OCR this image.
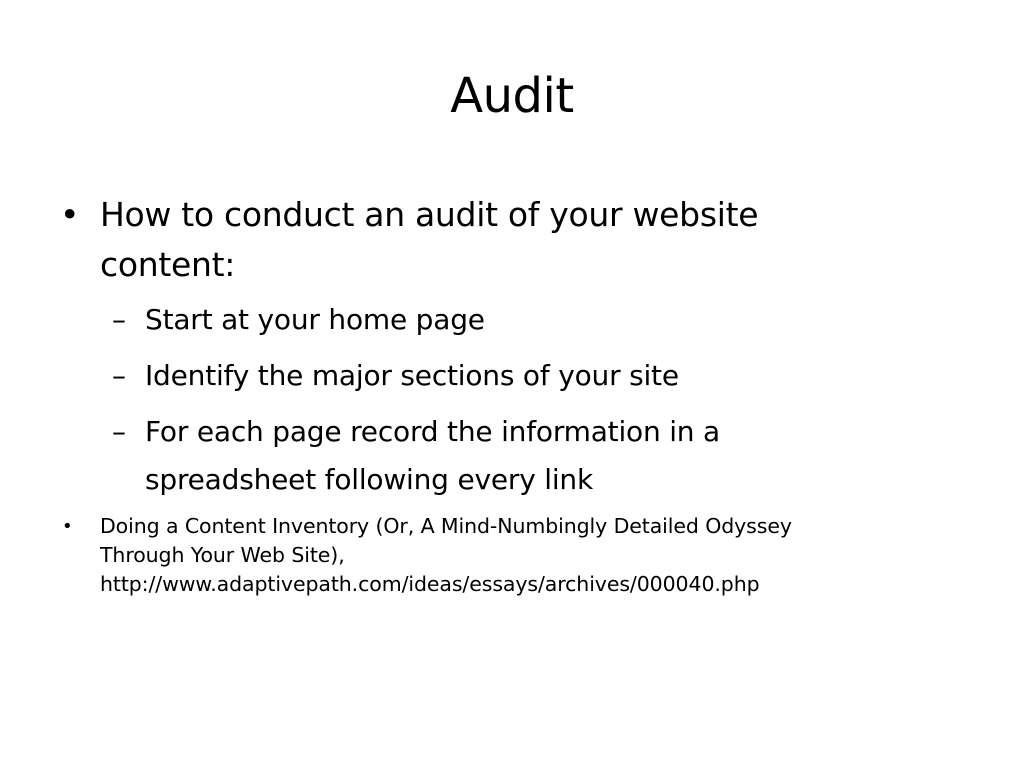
Audit
• How to conduct an audit of your website
content:
– Start at your home page
– Identify the major sections of your site
– For each page record the information in a
spreadsheet following every link
• Doing a Content Inventory (Or, A Mind-Numbingly Detailed Odyssey
Through Your Web Site),
http://www.adaptivepath.com/ideas/essays/archives/000040.php
